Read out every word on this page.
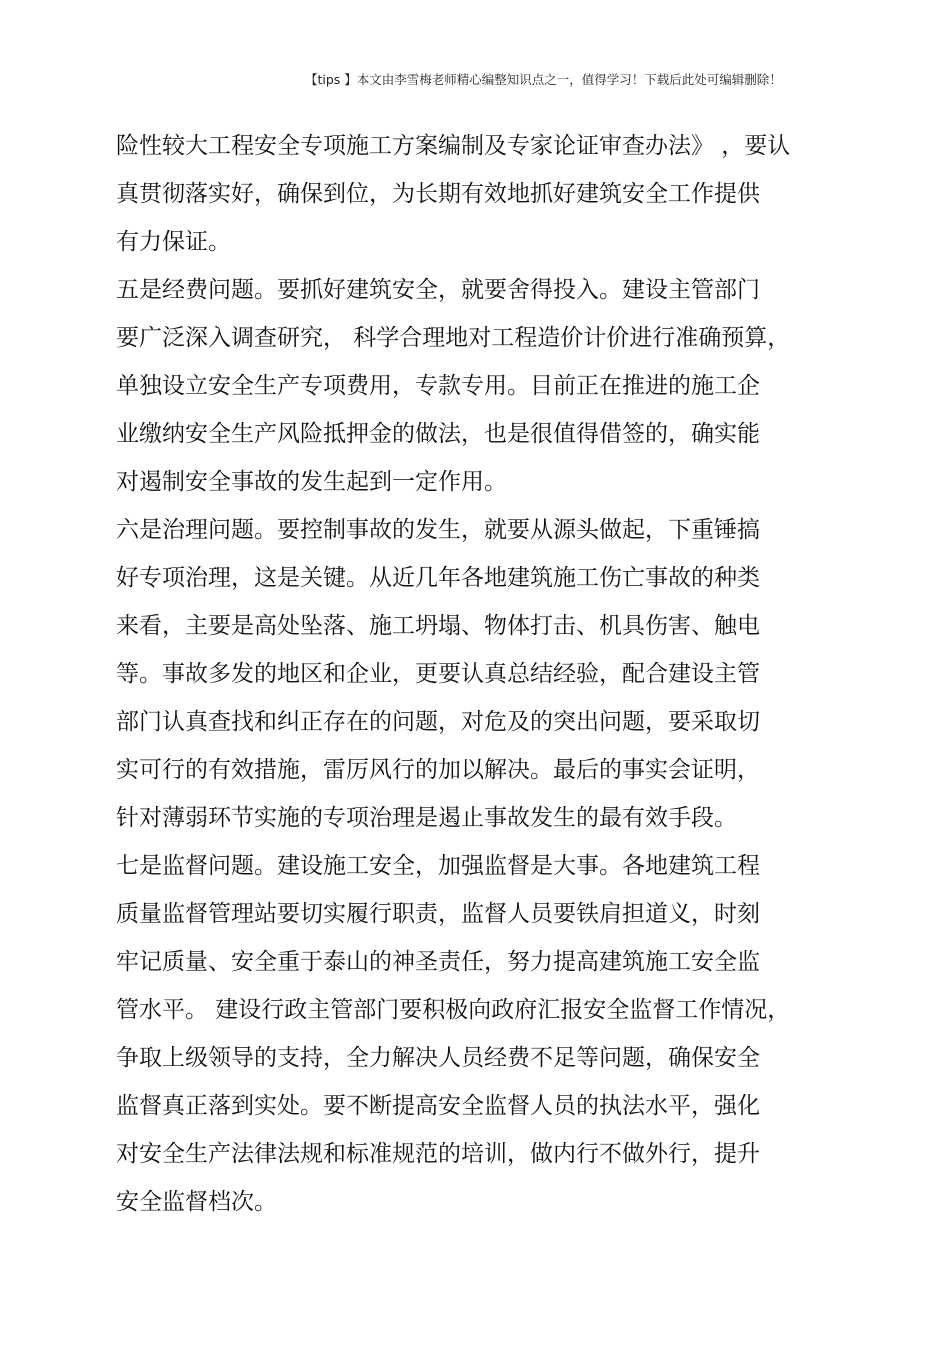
【tips 】本文由李雪梅老师精心编整知识点之一，值得学习！下载后此处可编辑删除！
险性较大工程安全专项施工方案编制及专家论证审查办法》 ，要认
真贯彻落实好，确保到位，为长期有效地抓好建筑安全工作提供
有力保证。
五是经费问题。要抓好建筑安全，就要舍得投入。建设主管部门
要广泛深入调查研究， 科学合理地对工程造价计价进行准确预算，
单独设立安全生产专项费用，专款专用。目前正在推进的施工企
业缴纳安全生产风险抵押金的做法，也是很值得借签的，确实能
对遏制安全事故的发生起到一定作用。
六是治理问题。要控制事故的发生，就要从源头做起，下重锤搞
好专项治理，这是关键。从近几年各地建筑施工伤亡事故的种类
来看，主要是高处坠落、施工坍塌、物体打击、机具伤害、触电
等。事故多发的地区和企业，更要认真总结经验，配合建设主管
部门认真查找和纠正存在的问题，对危及的突出问题，要采取切
实可行的有效措施，雷厉风行的加以解决。最后的事实会证明，
针对薄弱环节实施的专项治理是遏止事故发生的最有效手段。
七是监督问题。建设施工安全，加强监督是大事。各地建筑工程
质量监督管理站要切实履行职责，监督人员要铁肩担道义，时刻
牢记质量、安全重于泰山的神圣责任，努力提高建筑施工安全监
管水平。 建设行政主管部门要积极向政府汇报安全监督工作情况，
争取上级领导的支持，全力解决人员经费不足等问题，确保安全
监督真正落到实处。要不断提高安全监督人员的执法水平，强化
对安全生产法律法规和标准规范的培训，做内行不做外行，提升
安全监督档次。
